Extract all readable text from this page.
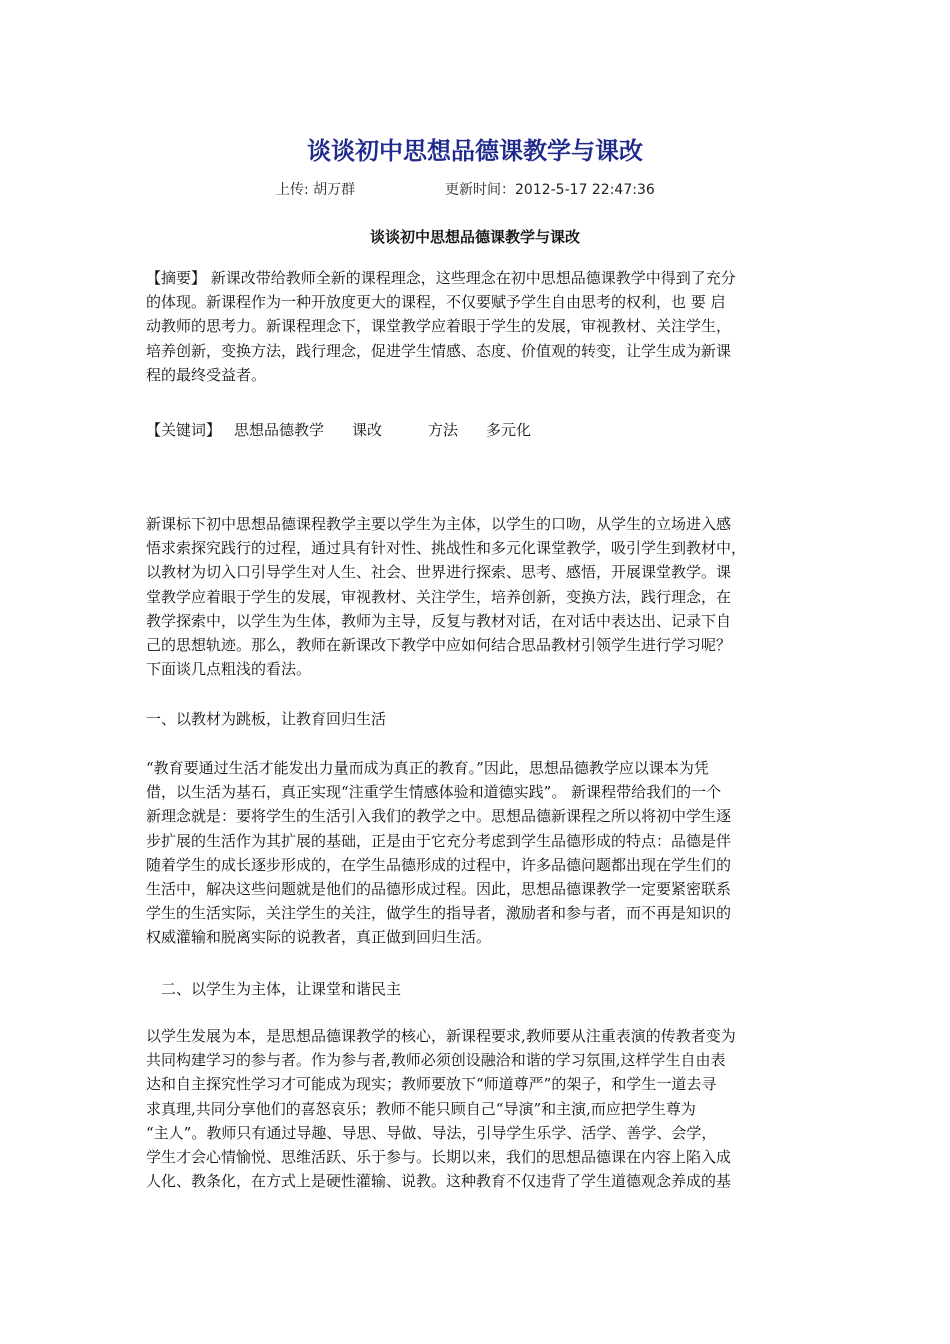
谈谈初中思想品德课教学与课改
上传: 胡万群	更新时间：2012-5-17 22:47:36
谈谈初中思想品德课教学与课改
【摘要】 新课改带给教师全新的课程理念，这些理念在初中思想品德课教学中得到了充分
的体现。新课程作为一种开放度更大的课程，不仅要赋予学生自由思考的权利，也 要 启
动教师的思考力。新课程理念下，课堂教学应着眼于学生的发展，审视教材、关注学生，
培养创新，变换方法，践行理念，促进学生情感、态度、价值观的转变，让学生成为新课
程的最终受益者。
【关键词】 思想品德教学 课改	方法 多元化
新课标下初中思想品德课程教学主要以学生为主体，以学生的口吻，从学生的立场进入感
悟求索探究践行的过程，通过具有针对性、挑战性和多元化课堂教学，吸引学生到教材中，
以教材为切入口引导学生对人生、社会、世界进行探索、思考、感悟，开展课堂教学。课
堂教学应着眼于学生的发展，审视教材、关注学生，培养创新，变换方法，践行理念，在
教学探索中，以学生为生体，教师为主导，反复与教材对话，在对话中表达出、记录下自
己的思想轨迹。那么，教师在新课改下教学中应如何结合思品教材引领学生进行学习呢？
下面谈几点粗浅的看法。
一、以教材为跳板，让教育回归生活
“教育要通过生活才能发出力量而成为真正的教育。”因此，思想品德教学应以课本为凭
借，以生活为基石，真正实现“注重学生情感体验和道德实践”。 新课程带给我们的一个
新理念就是：要将学生的生活引入我们的教学之中。思想品德新课程之所以将初中学生逐
步扩展的生活作为其扩展的基础，正是由于它充分考虑到学生品德形成的特点：品德是伴
随着学生的成长逐步形成的，在学生品德形成的过程中，许多品德问题都出现在学生们的
生活中，解决这些问题就是他们的品德形成过程。因此，思想品德课教学一定要紧密联系
学生的生活实际，关注学生的关注，做学生的指导者，激励者和参与者，而不再是知识的
权威灌输和脱离实际的说教者，真正做到回归生活。
二、以学生为主体，让课堂和谐民主
以学生发展为本，是思想品德课教学的核心，新课程要求,教师要从注重表演的传教者变为
共同构建学习的参与者。作为参与者,教师必须创设融洽和谐的学习氛围,这样学生自由表
达和自主探究性学习才可能成为现实；教师要放下“师道尊严”的架子，和学生一道去寻
求真理,共同分享他们的喜怒哀乐；教师不能只顾自己“导演”和主演,而应把学生尊为
“主人”。教师只有通过导趣、导思、导做、导法，引导学生乐学、活学、善学、会学，
学生才会心情愉悦、思维活跃、乐于参与。长期以来，我们的思想品德课在内容上陷入成
人化、教条化，在方式上是硬性灌输、说教。这种教育不仅违背了学生道德观念养成的基
